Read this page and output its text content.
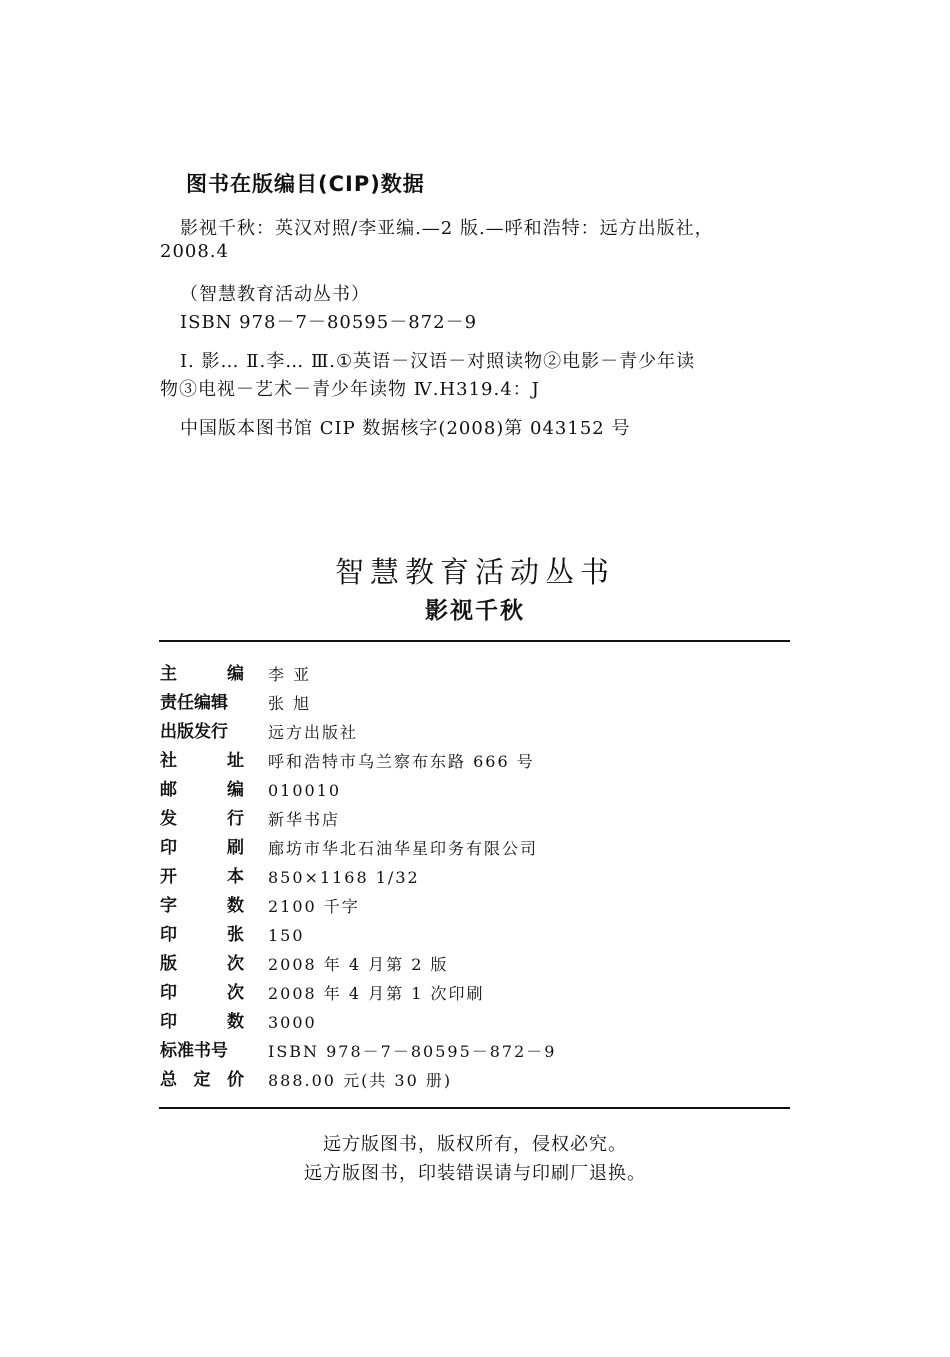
图书在版编目(CIP)数据
影视千秋：英汉对照/李亚编.—2 版.—呼和浩特：远方出版社，
2008.4
（智慧教育活动丛书）
ISBN 978－7－80595－872－9
I. 影… Ⅱ.李… Ⅲ.①英语－汉语－对照读物②电影－青少年读
物③电视－艺术－青少年读物 Ⅳ.H319.4：J
中国版本图书馆 CIP 数据核字(2008)第 043152 号
智慧教育活动丛书
影视千秋
主	编 李 亚
责任编辑	张 旭
出版发行	远方出版社
社	址 呼和浩特市乌兰察布东路 666 号
邮	编 010010
发	行 新华书店
印	刷 廊坊市华北石油华星印务有限公司
开	本 850×1168 1/32
字	数 2100 千字
印	张 150
版	次 2008 年 4 月第 2 版
印	次 2008 年 4 月第 1 次印刷
印	数 3000
标准书号	ISBN 978－7－80595－872－9
总 定 价 888.00 元(共 30 册)
远方版图书，版权所有，侵权必究。
远方版图书，印装错误请与印刷厂退换。
